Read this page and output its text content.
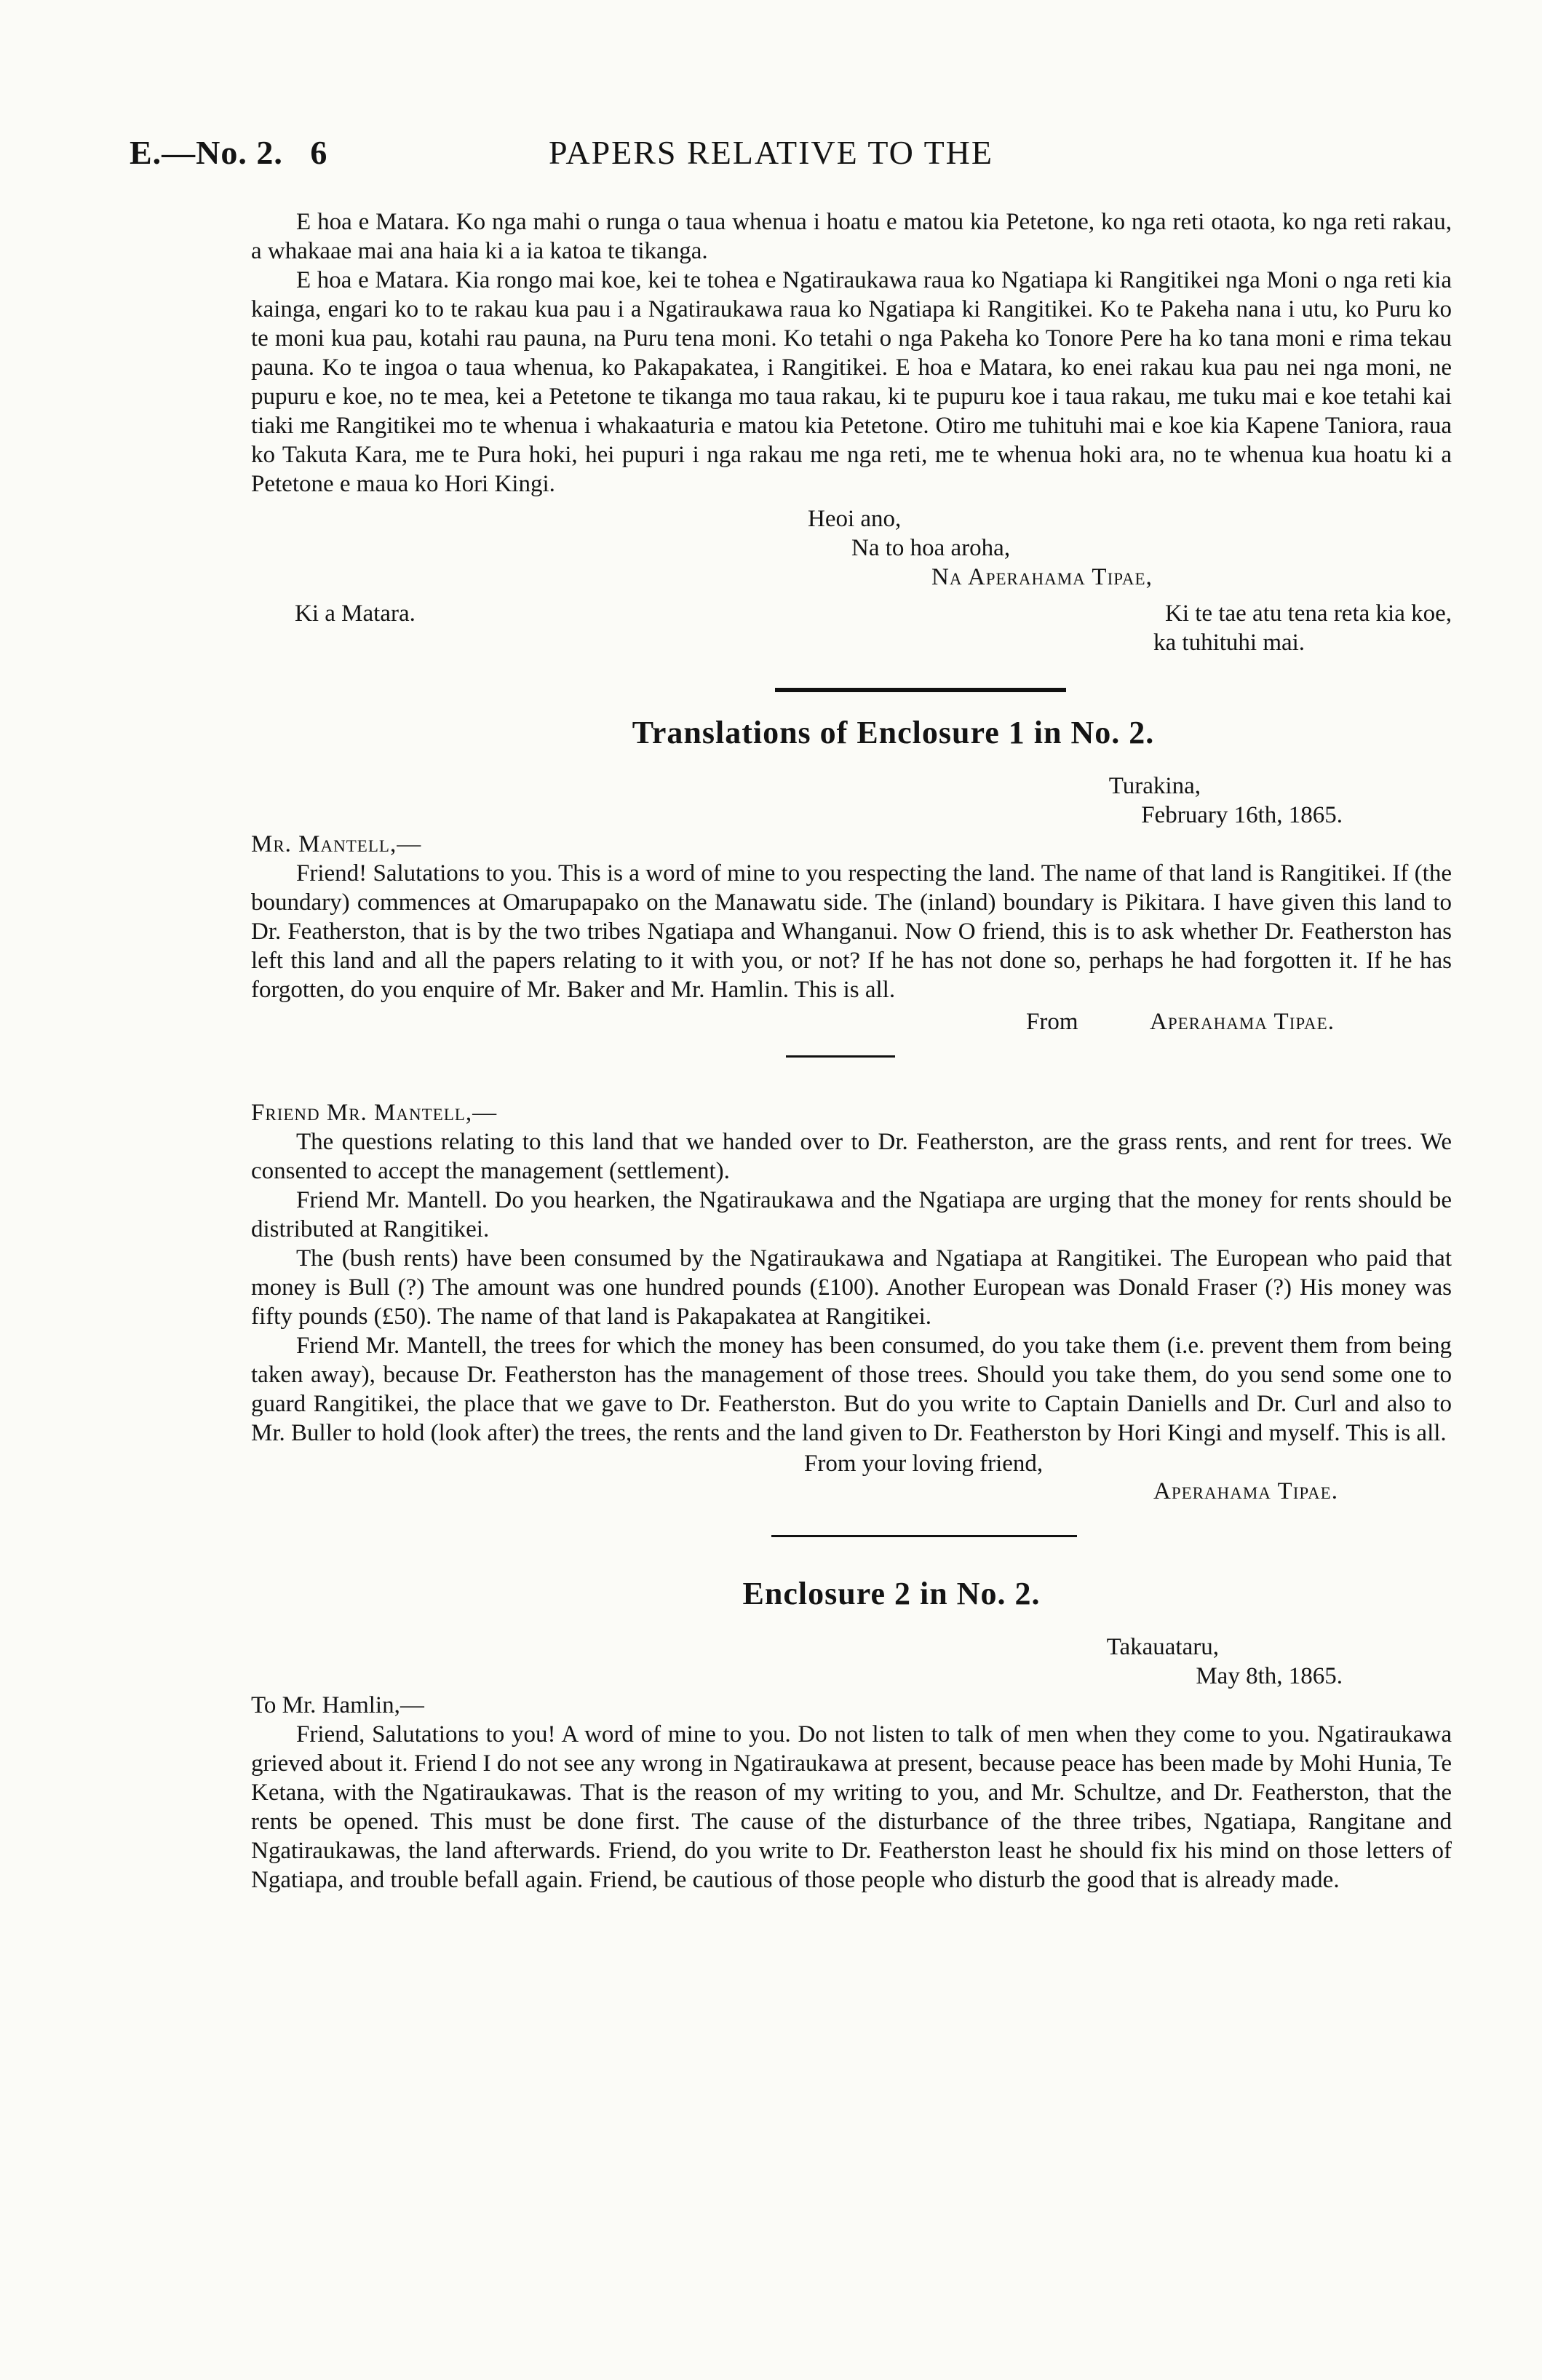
E.—No. 2. 6	PAPERS RELATIVE TO THE

E hoa e Matara. Ko nga mahi o runga o taua whenua i hoatu e matou kia Petetone, ko nga reti otaota, ko nga reti rakau, a whakaae mai ana haia ki a ia katoa te tikanga.

E hoa e Matara. Kia rongo mai koe, kei te tohea e Ngatiraukawa raua ko Ngatiapa ki Rangitikei nga Moni o nga reti kia kainga, engari ko to te rakau kua pau i a Ngatiraukawa raua ko Ngatiapa ki Rangitikei. Ko te Pakeha nana i utu, ko Puru ko te moni kua pau, kotahi rau pauna, na Puru tena moni. Ko tetahi o nga Pakeha ko Tonore Pere ha ko tana moni e rima tekau pauna. Ko te ingoa o taua whenua, ko Pakapakatea, i Rangitikei. E hoa e Matara, ko enei rakau kua pau nei nga moni, ne pupuru e koe, no te mea, kei a Petetone te tikanga mo taua rakau, ki te pupuru koe i taua rakau, me tuku mai e koe tetahi kai tiaki me Rangitikei mo te whenua i whakaaturia e matou kia Petetone. Otiro me tuhituhi mai e koe kia Kapene Taniora, raua ko Takuta Kara, me te Pura hoki, hei pupuri i nga rakau me nga reti, me te whenua hoki ara, no te whenua kua hoatu ki a Petetone e maua ko Hori Kingi.

Heoi ano,
Na to hoa aroha,
Na Aperahama Tipae,
Ki a Matara.	Ki te tae atu tena reta kia koe,
ka tuhituhi mai.
Translations of Enclosure 1 in No. 2.
Turakina,
February 16th, 1865.
Mr. Mantell,—

Friend! Salutations to you. This is a word of mine to you respecting the land. The name of that land is Rangitikei. If (the boundary) commences at Omarupapako on the Manawatu side. The (inland) boundary is Pikitara. I have given this land to Dr. Featherston, that is by the two tribes Ngatiapa and Whanganui. Now O friend, this is to ask whether Dr. Featherston has left this land and all the papers relating to it with you, or not? If he has not done so, perhaps he had forgotten it. If he has forgotten, do you enquire of Mr. Baker and Mr. Hamlin. This is all.

From	Aperahama Tipae.
Friend Mr. Mantell,—

The questions relating to this land that we handed over to Dr. Featherston, are the grass rents, and rent for trees. We consented to accept the management (settlement).

Friend Mr. Mantell. Do you hearken, the Ngatiraukawa and the Ngatiapa are urging that the money for rents should be distributed at Rangitikei.

The (bush rents) have been consumed by the Ngatiraukawa and Ngatiapa at Rangitikei. The European who paid that money is Bull (?) The amount was one hundred pounds (£100). Another European was Donald Fraser (?) His money was fifty pounds (£50). The name of that land is Pakapakatea at Rangitikei.

Friend Mr. Mantell, the trees for which the money has been consumed, do you take them (i.e. prevent them from being taken away), because Dr. Featherston has the management of those trees. Should you take them, do you send some one to guard Rangitikei, the place that we gave to Dr. Featherston. But do you write to Captain Daniells and Dr. Curl and also to Mr. Buller to hold (look after) the trees, the rents and the land given to Dr. Featherston by Hori Kingi and myself. This is all.

From your loving friend,
Aperahama Tipae.
Enclosure 2 in No. 2.
Takauataru,
May 8th, 1865.
To Mr. Hamlin,—

Friend, Salutations to you! A word of mine to you. Do not listen to talk of men when they come to you. Ngatiraukawa grieved about it. Friend I do not see any wrong in Ngatiraukawa at present, because peace has been made by Mohi Hunia, Te Ketana, with the Ngatiraukawas. That is the reason of my writing to you, and Mr. Schultze, and Dr. Featherston, that the rents be opened. This must be done first. The cause of the disturbance of the three tribes, Ngatiapa, Rangitane and Ngatiraukawas, the land afterwards. Friend, do you write to Dr. Featherston least he should fix his mind on those letters of Ngatiapa, and trouble befall again. Friend, be cautious of those people who disturb the good that is already made.
